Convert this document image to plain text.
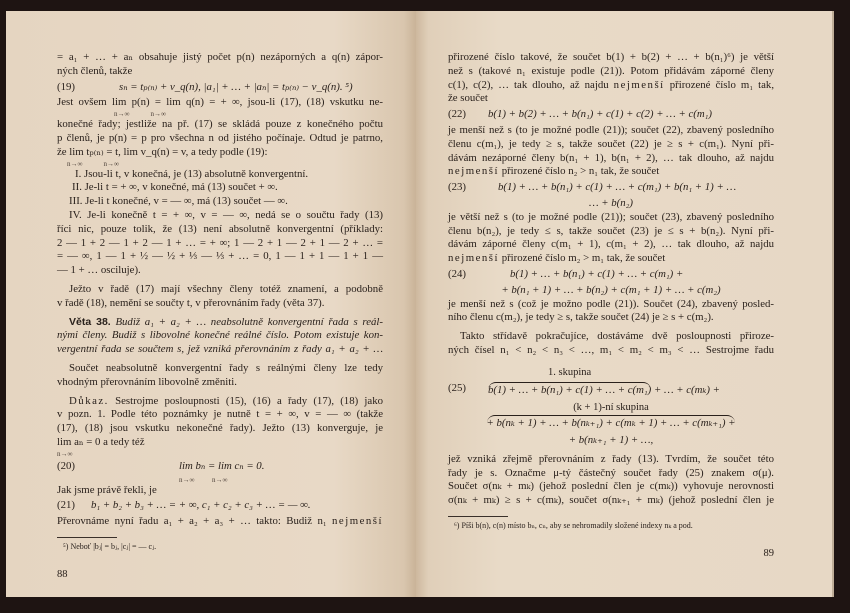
= a₁ + … + aₙ obsahuje jistý počet p(n) nezáporných a q(n) zápor-
ných členů, takže
(19)	sₙ = tₚ₍ₙ₎ + v_q(n), |a₁| + … + |aₙ| = tₚ₍ₙ₎ − v_q(n). ⁵)
Jest ovšem lim p(n) = lim q(n) = + ∞, jsou-li (17), (18) vskutku ne-
n→∞            n→∞
konečné řady; jestliže na př. (17) se skládá pouze z konečného počtu
p členů, je p(n) = p pro všechna n od jistého počínaje. Odtud je patrno,
že lim tₚ₍ₙ₎ = t, lim v_q(n) = v, a tedy podle (19):
n→∞            n→∞
I. Jsou-li t, v konečná, je (13) absolutně konvergentní.
II. Je-li t = + ∞, v konečné, má (13) součet + ∞.
III. Je-li t konečné, v = — ∞, má (13) součet — ∞.
IV. Je-li konečně t = + ∞, v = — ∞, nedá se o součtu řady (13)
říci nic, pouze tolik, že (13) není absolutně konvergentní (příklady:
2 — 1 + 2 — 1 + 2 — 1 + … = + ∞; 1 — 2 + 1 — 2 + 1 — 2 + … =
= — ∞, 1 — 1 + ½ — ½ + ⅓ — ⅓ + … = 0, 1 — 1 + 1 — 1 + 1 —
— 1 + … osciluje).
Ježto v řadě (17) mají všechny členy totéž znamení, a podobně
v řadě (18), nemění se součty t, v přerovnáním řady (věta 37).
Věta 38. Budiž a₁ + a₂ + … neabsolutně konvergentní řada s reál-
nými členy. Budiž s libovolné konečné reálné číslo. Potom existuje kon-
vergentní řada se součtem s, jež vzniká přerovnáním z řady a₁ + a₂ + …
Součet neabsolutně konvergentní řady s reálnými členy lze tedy
vhodným přerovnáním libovolně změniti.
Důkaz. Sestrojme posloupnosti (15), (16) a řady (17), (18) jako
v pozn. 1. Podle této poznámky je nutně t = + ∞, v = — ∞ (takže
(17), (18) jsou vskutku nekonečné řady). Ježto (13) konverguje, je
lim aₙ = 0 a tedy též
n→∞
(20)	lim bₙ = lim cₙ = 0.
n→∞          n→∞
Jak jsme právě řekli, je
(21)	b₁ + b₂ + b₃ + … = + ∞, c₁ + c₂ + c₃ + … = — ∞.
Přerovnáme nyní řadu a₁ + a₂ + a₃ + … takto: Budiž n₁ nejmenší
⁵) Neboť |bⱼ| = bⱼ, |cⱼ| = — cⱼ.
88
přirozené číslo takové, že součet b(1) + b(2) + … + b(n₁)⁶) je větší
než s (takové n₁ existuje podle (21)). Potom přidávám záporné členy
c(1), c(2), … tak dlouho, až najdu nejmenší přirozené číslo m₁ tak,
že součet
(22)	b(1) + b(2) + … + b(n₁) + c(1) + c(2) + … + c(m₁)
je menší než s (to je možné podle (21)); součet (22), zbavený posledního
členu c(m₁), je tedy ≥ s, takže součet (22) je ≥ s + c(m₁). Nyní při-
dávám nezáporné členy b(n₁ + 1), b(n₁ + 2), … tak dlouho, až najdu
nejmenší přirozené číslo n₂ > n₁ tak, že součet
(23)	b(1) + … + b(n₁) + c(1) + … + c(m₁) + b(n₁ + 1) + …
… + b(n₂)
je větší než s (to je možné podle (21)); součet (23), zbavený posledního
členu b(n₂), je tedy ≤ s, takže součet (23) je ≤ s + b(n₂). Nyní při-
dávám záporné členy c(m₁ + 1), c(m₁ + 2), … tak dlouho, až najdu
nejmenší přirozené číslo m₂ > m₁ tak, že součet
(24)	b(1) + … + b(n₁) + c(1) + … + c(m₁) +
+ b(n₁ + 1) + … + b(n₂) + c(m₁ + 1) + … + c(m₂)
je menší než s (což je možno podle (21)). Součet (24), zbavený posled-
ního členu c(m₂), je tedy ≥ s, takže součet (24) je ≥ s + c(m₂).
Takto střídavě pokračujíce, dostáváme dvě posloupnosti přiroze-
ných čísel n₁ < n₂ < n₃ < …, m₁ < m₂ < m₃ < … Sestrojme řadu
1. skupina
(25)	b(1) + … + b(n₁) + c(1) + … + c(m₁) + … + c(mₖ) +
(k + 1)-ní skupina
+ b(nₖ + 1) + … + b(nₖ₊₁) + c(mₖ + 1) + … + c(mₖ₊₁) +
+ b(nₖ₊₁ + 1) + …,
jež vzniká zřejmě přerovnáním z řady (13). Tvrdím, že součet této
řady je s. Označme μ-tý částečný součet řady (25) znakem σ(μ).
Součet σ(nₖ + mₖ) (jehož poslední člen je c(mₖ)) vyhovuje nerovnosti
σ(nₖ + mₖ) ≥ s + c(mₖ), součet σ(nₖ₊₁ + mₖ) (jehož poslední člen je
⁶) Píši b(n), c(n) místo bₙ, cₙ, aby se nehromadily složené indexy nₖ a pod.
89
